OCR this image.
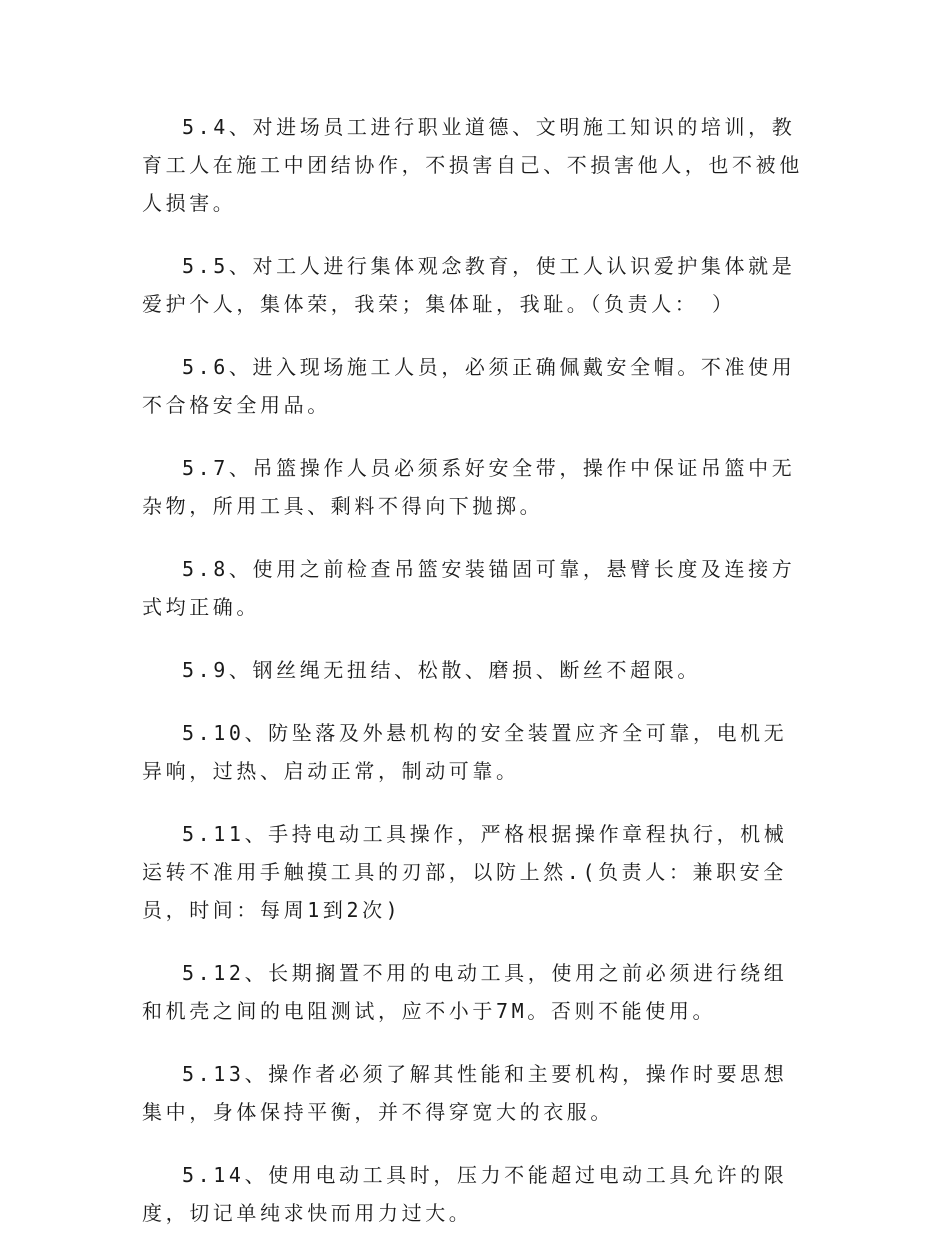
5.4、对进场员工进行职业道德、文明施工知识的培训，教育工人在施工中团结协作，不损害自己、不损害他人，也不被他人损害。

5.5、对工人进行集体观念教育，使工人认识爱护集体就是爱护个人，集体荣，我荣；集体耻，我耻。（负责人：　）

5.6、进入现场施工人员，必须正确佩戴安全帽。不准使用不合格安全用品。

5.7、吊篮操作人员必须系好安全带，操作中保证吊篮中无杂物，所用工具、剩料不得向下抛掷。

5.8、使用之前检查吊篮安装锚固可靠，悬臂长度及连接方式均正确。

5.9、钢丝绳无扭结、松散、磨损、断丝不超限。

5.10、防坠落及外悬机构的安全装置应齐全可靠，电机无异响，过热、启动正常，制动可靠。

5.11、手持电动工具操作，严格根据操作章程执行，机械运转不准用手触摸工具的刃部，以防上然.(负责人：兼职安全员，时间：每周1到2次)

5.12、长期搁置不用的电动工具，使用之前必须进行绕组和机壳之间的电阻测试，应不小于7M。否则不能使用。

5.13、操作者必须了解其性能和主要机构，操作时要思想集中，身体保持平衡，并不得穿宽大的衣服。

5.14、使用电动工具时，压力不能超过电动工具允许的限度，切记单纯求快而用力过大。
